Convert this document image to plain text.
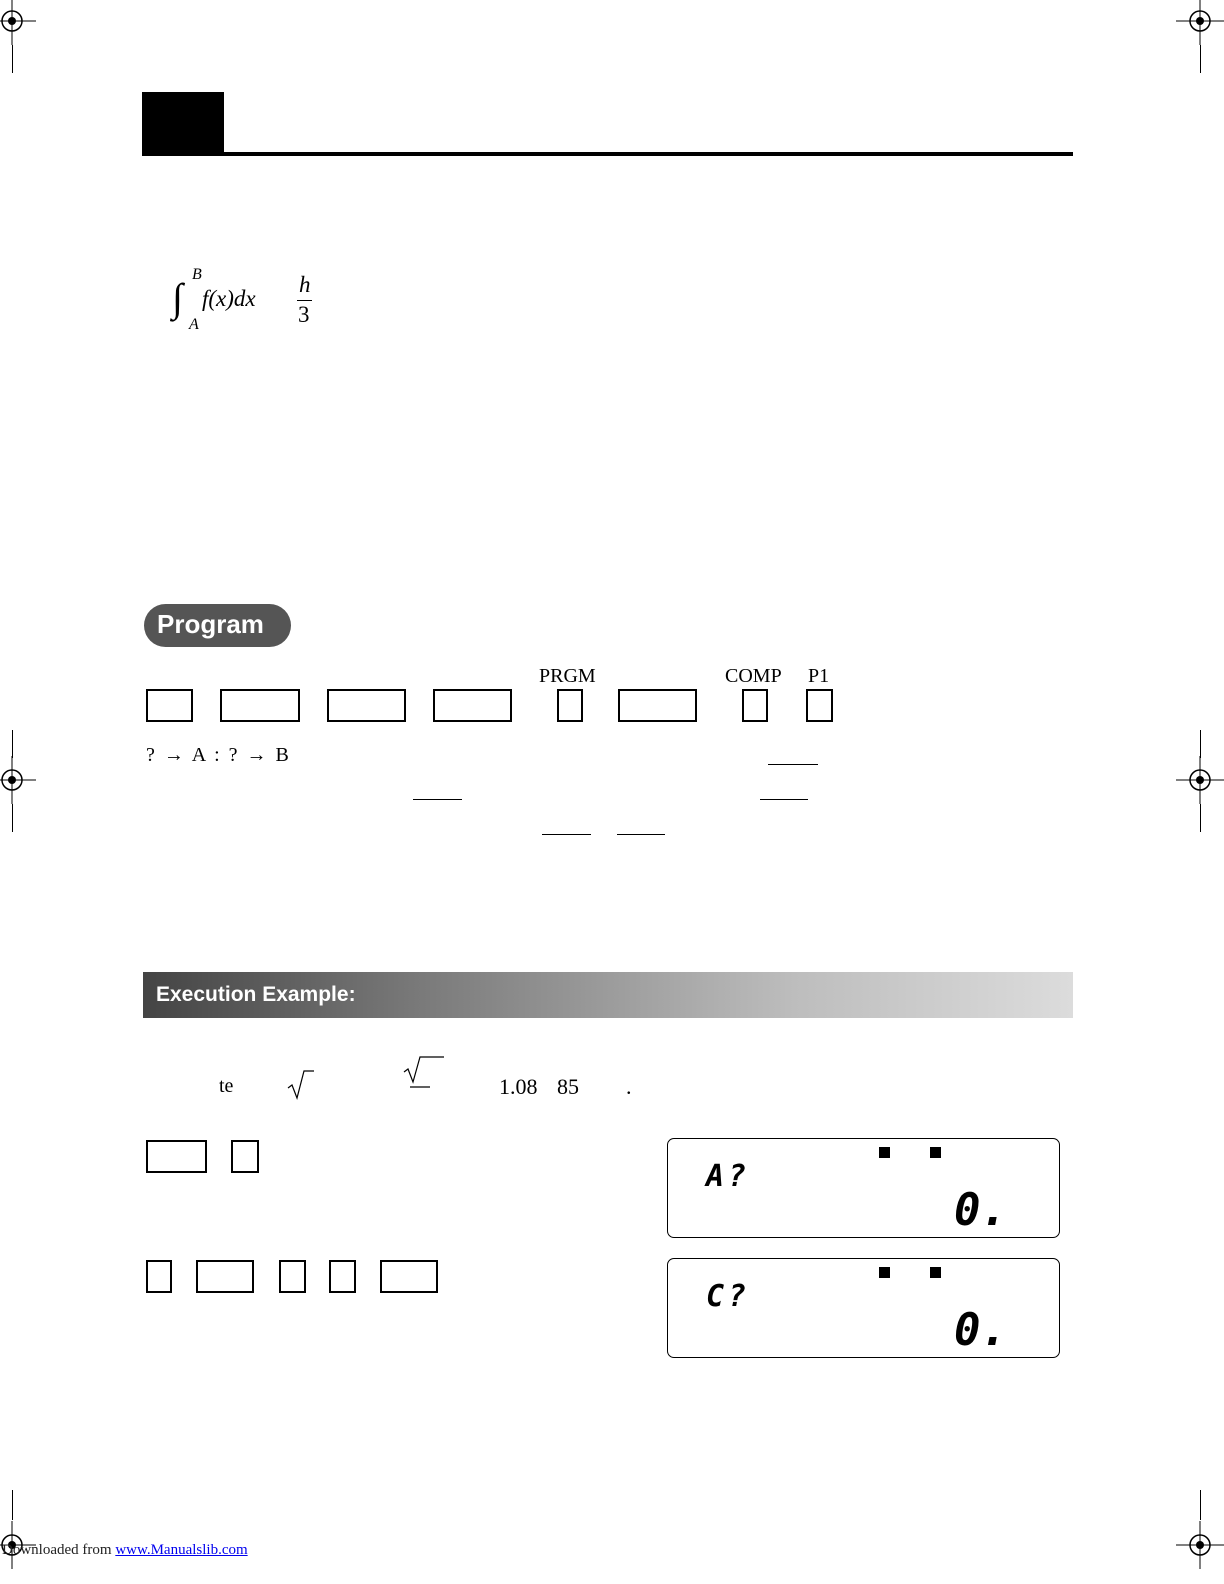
∫
B
A
f(x)dx
h
3
Program
PRGM	COMP P1
? → A : ? → B
Execution Example:
te	1.08 85 .
A?
0.
C?
0.
Downloaded from www.Manualslib.com
